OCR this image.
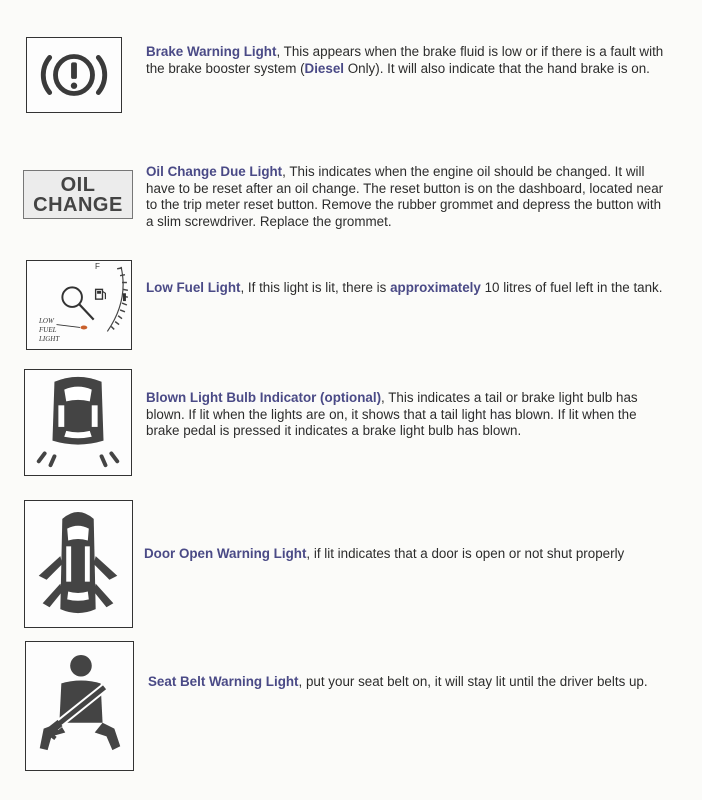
Brake Warning Light, This appears when the brake fluid is low or if there is a fault with the brake booster system (Diesel Only). It will also indicate that the hand brake is on.
OIL
CHANGE
Oil Change Due Light, This indicates when the engine oil should be changed. It will have to be reset after an oil change. The reset button is on the dashboard, located near to the trip meter reset button. Remove the rubber grommet and depress the button with a slim screwdriver. Replace the grommet.
F
LOW
FUEL
LIGHT
Low Fuel Light, If this light is lit, there is approximately 10 litres of fuel left in the tank.
Blown Light Bulb Indicator (optional), This indicates a tail or brake light bulb has blown. If lit when the lights are on, it shows that a tail light has blown. If lit when the brake pedal is pressed it indicates a brake light bulb has blown.
Door Open Warning Light, if lit indicates that a door is open or not shut properly
Seat Belt Warning Light, put your seat belt on, it will stay lit until the driver belts up.
